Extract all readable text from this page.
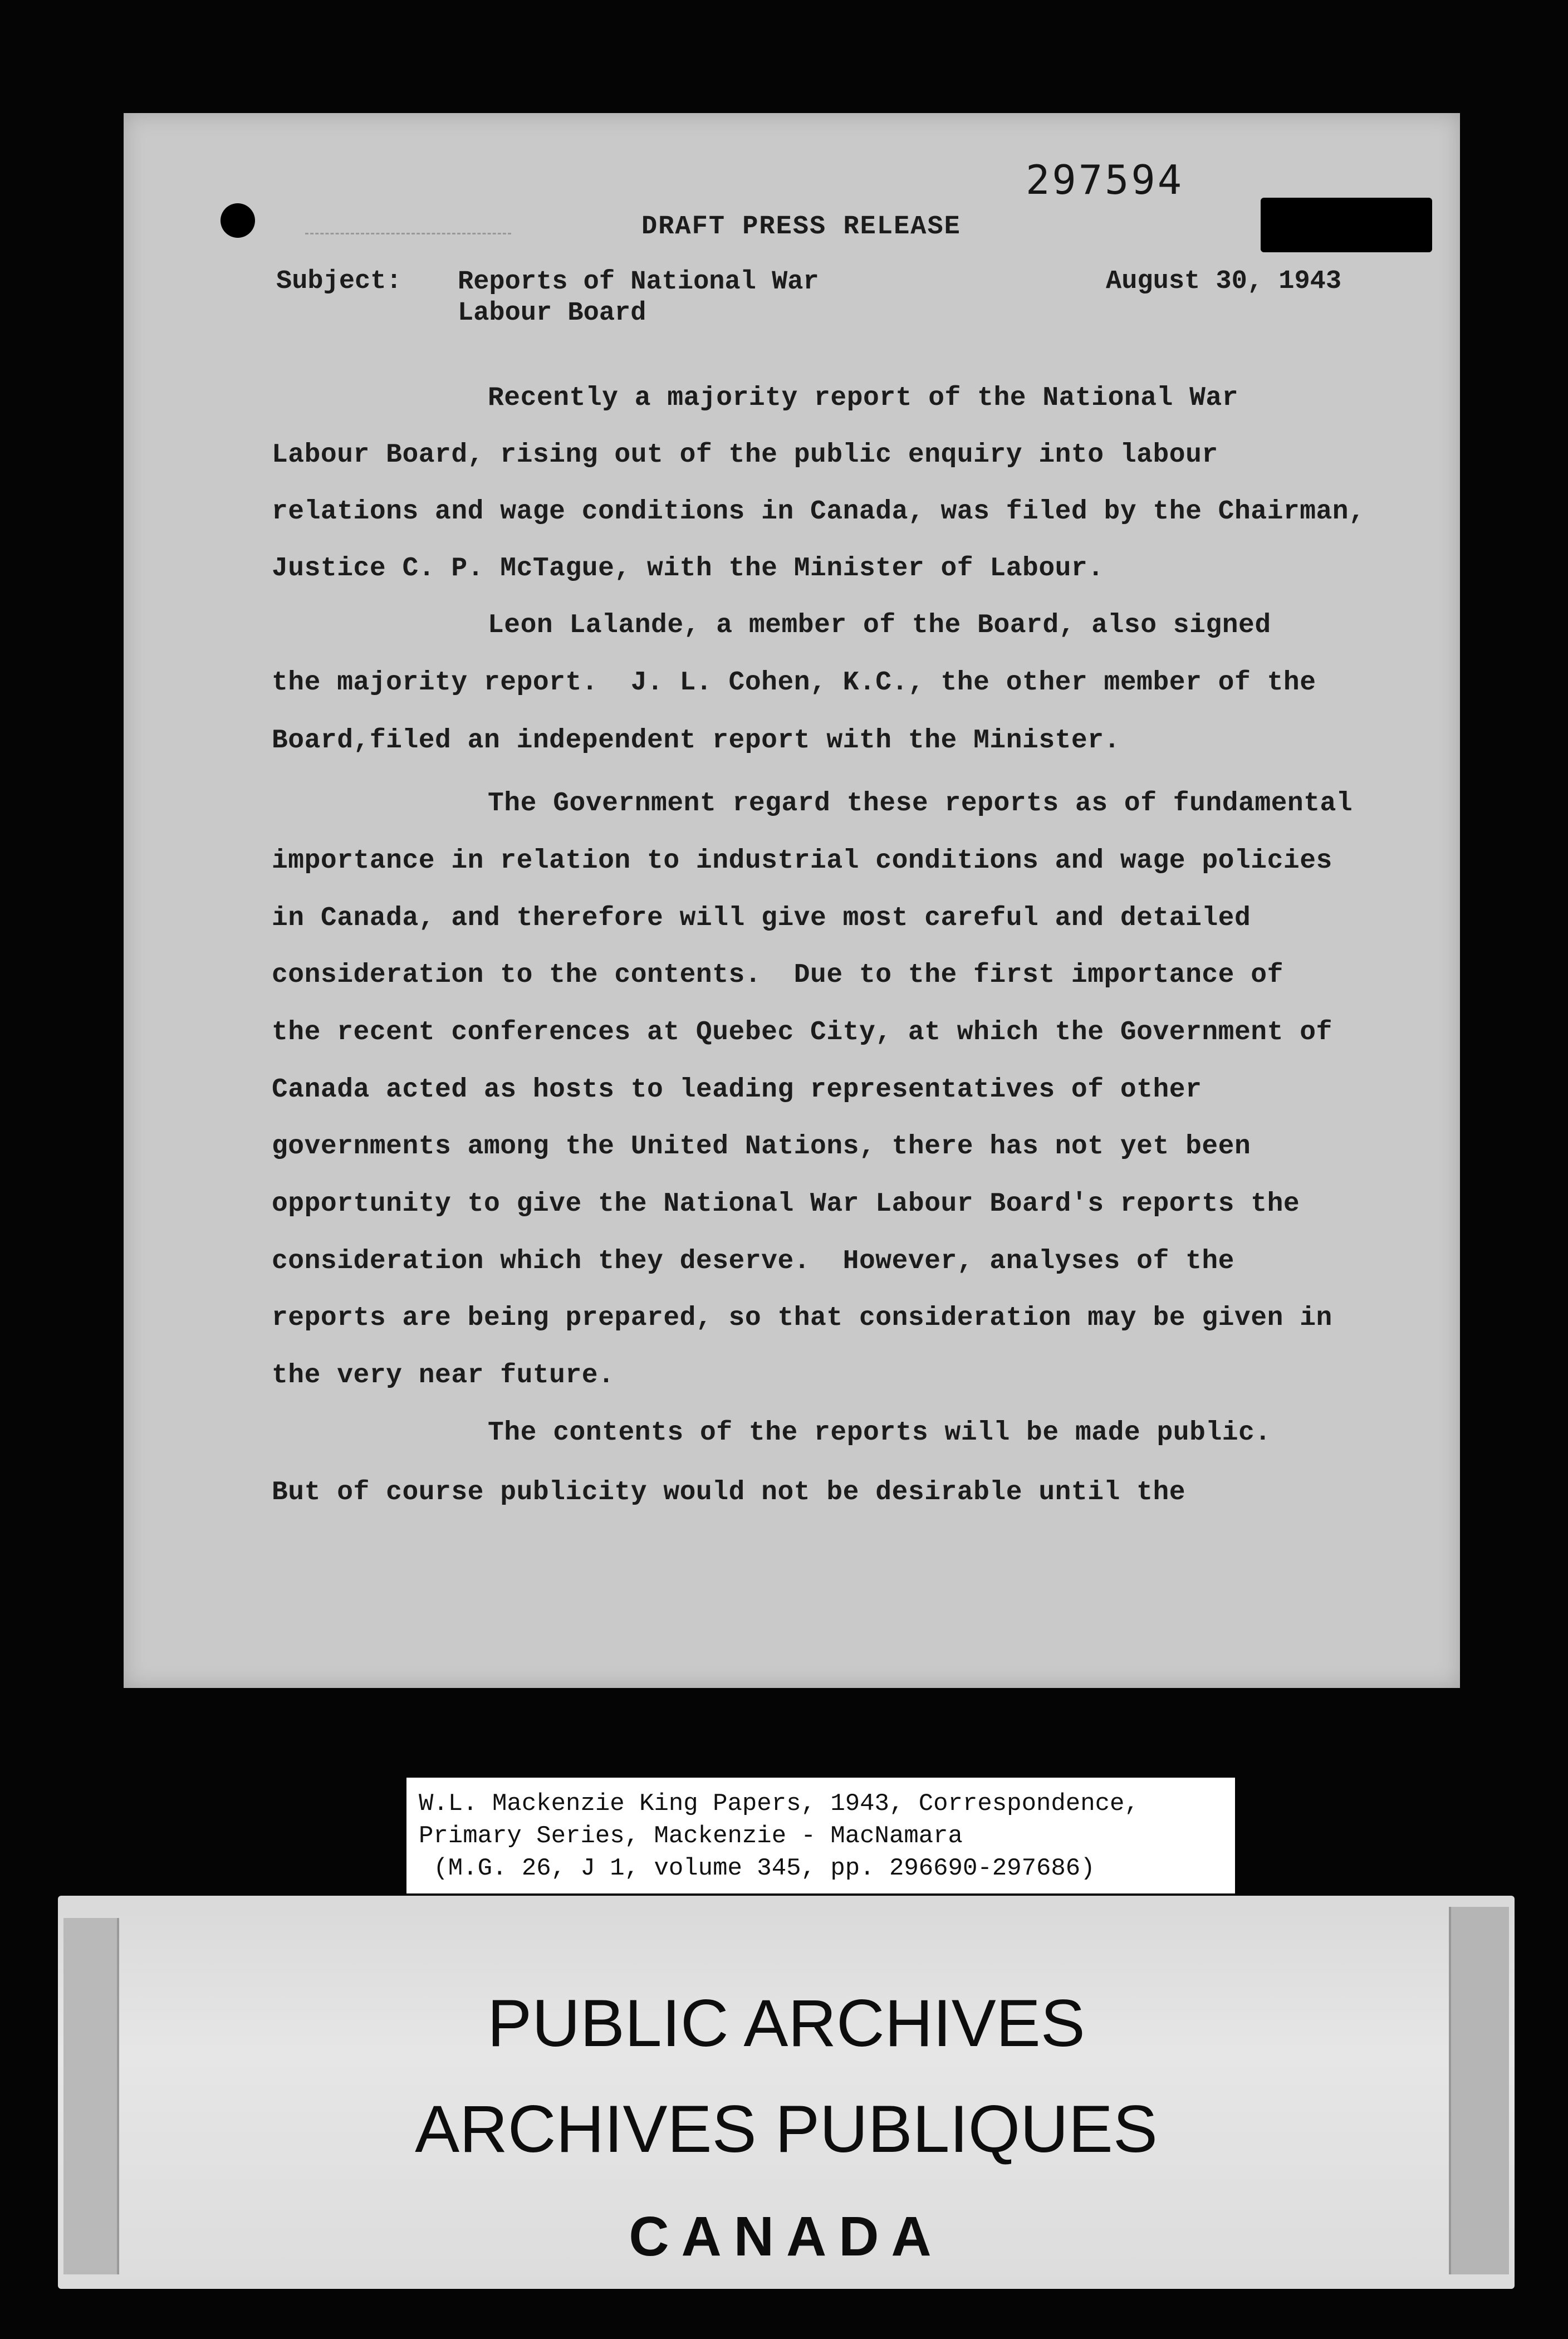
297594
DRAFT PRESS RELEASE
Subject: Reports of National War
Labour Board
August 30, 1943
Recently a majority report of the National War
Labour Board, rising out of the public enquiry into labour
relations and wage conditions in Canada, was filed by the Chairman,
Justice C. P. McTague, with the Minister of Labour.
Leon Lalande, a member of the Board, also signed
the majority report.  J. L. Cohen, K.C., the other member of the
Board,filed an independent report with the Minister.
The Government regard these reports as of fundamental
importance in relation to industrial conditions and wage policies
in Canada, and therefore will give most careful and detailed
consideration to the contents.  Due to the first importance of
the recent conferences at Quebec City, at which the Government of
Canada acted as hosts to leading representatives of other
governments among the United Nations, there has not yet been
opportunity to give the National War Labour Board's reports the
consideration which they deserve.  However, analyses of the
reports are being prepared, so that consideration may be given in
the very near future.
The contents of the reports will be made public.
But of course publicity would not be desirable until the
W.L. Mackenzie King Papers, 1943, Correspondence,
Primary Series, Mackenzie - MacNamara
(M.G. 26, J 1, volume 345, pp. 296690-297686)
PUBLIC ARCHIVES
ARCHIVES PUBLIQUES
CANADA
